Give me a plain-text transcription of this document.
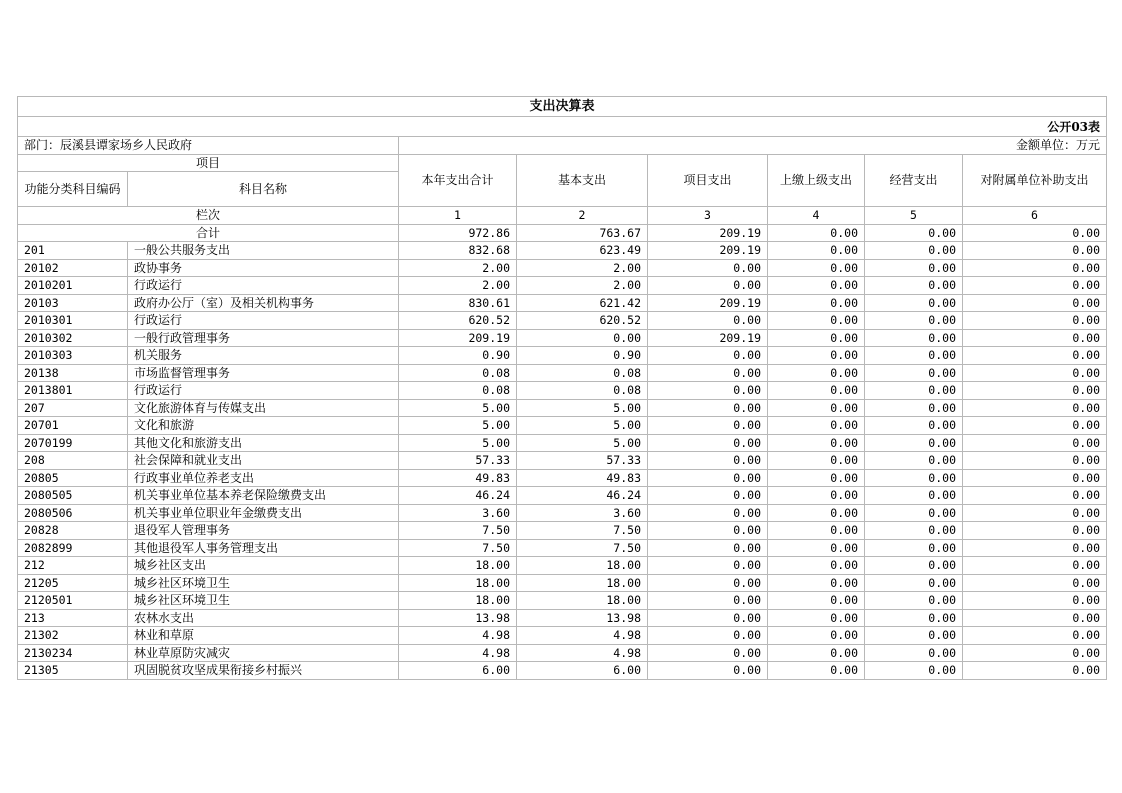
支出决算表							
		公开03表					
部门：辰溪县谭家场乡人民政府		金额单位：万元					
项目		本年支出合计	基本支出	项目支出	上缴上级支出	经营支出	对附属单位补助支出
功能分类科目编码	科目名称						
栏次		1	2	3	4	5	6
合计		972.86	763.67	209.19	0.00	0.00	0.00
201	一般公共服务支出	832.68	623.49	209.19	0.00	0.00	0.00
20102	政协事务	2.00	2.00	0.00	0.00	0.00	0.00
2010201	行政运行	2.00	2.00	0.00	0.00	0.00	0.00
20103	政府办公厅（室）及相关机构事务	830.61	621.42	209.19	0.00	0.00	0.00
2010301	行政运行	620.52	620.52	0.00	0.00	0.00	0.00
2010302	一般行政管理事务	209.19	0.00	209.19	0.00	0.00	0.00
2010303	机关服务	0.90	0.90	0.00	0.00	0.00	0.00
20138	市场监督管理事务	0.08	0.08	0.00	0.00	0.00	0.00
2013801	行政运行	0.08	0.08	0.00	0.00	0.00	0.00
207	文化旅游体育与传媒支出	5.00	5.00	0.00	0.00	0.00	0.00
20701	文化和旅游	5.00	5.00	0.00	0.00	0.00	0.00
2070199	其他文化和旅游支出	5.00	5.00	0.00	0.00	0.00	0.00
208	社会保障和就业支出	57.33	57.33	0.00	0.00	0.00	0.00
20805	行政事业单位养老支出	49.83	49.83	0.00	0.00	0.00	0.00
2080505	机关事业单位基本养老保险缴费支出	46.24	46.24	0.00	0.00	0.00	0.00
2080506	机关事业单位职业年金缴费支出	3.60	3.60	0.00	0.00	0.00	0.00
20828	退役军人管理事务	7.50	7.50	0.00	0.00	0.00	0.00
2082899	其他退役军人事务管理支出	7.50	7.50	0.00	0.00	0.00	0.00
212	城乡社区支出	18.00	18.00	0.00	0.00	0.00	0.00
21205	城乡社区环境卫生	18.00	18.00	0.00	0.00	0.00	0.00
2120501	城乡社区环境卫生	18.00	18.00	0.00	0.00	0.00	0.00
213	农林水支出	13.98	13.98	0.00	0.00	0.00	0.00
21302	林业和草原	4.98	4.98	0.00	0.00	0.00	0.00
2130234	林业草原防灾减灾	4.98	4.98	0.00	0.00	0.00	0.00
21305	巩固脱贫攻坚成果衔接乡村振兴	6.00	6.00	0.00	0.00	0.00	0.00
